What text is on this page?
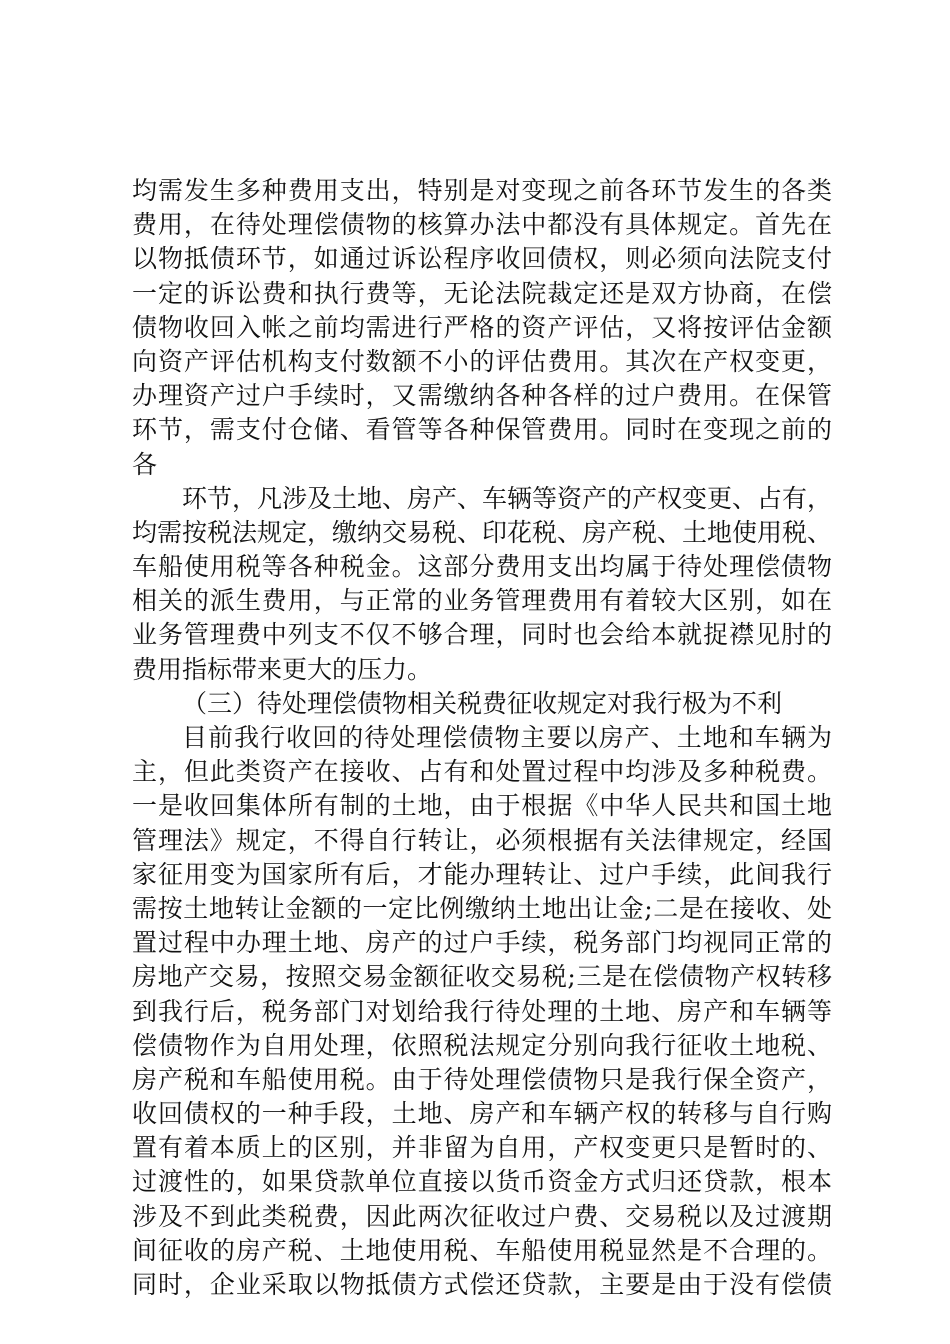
均需发生多种费用支出，特别是对变现之前各环节发生的各类
费用，在待处理偿债物的核算办法中都没有具体规定。首先在
以物抵债环节，如通过诉讼程序收回债权，则必须向法院支付
一定的诉讼费和执行费等，无论法院裁定还是双方协商，在偿
债物收回入帐之前均需进行严格的资产评估，又将按评估金额
向资产评估机构支付数额不小的评估费用。其次在产权变更，
办理资产过户手续时，又需缴纳各种各样的过户费用。在保管
环节，需支付仓储、看管等各种保管费用。同时在变现之前的
各
环节，凡涉及土地、房产、车辆等资产的产权变更、占有，
均需按税法规定，缴纳交易税、印花税、房产税、土地使用税、
车船使用税等各种税金。这部分费用支出均属于待处理偿债物
相关的派生费用，与正常的业务管理费用有着较大区别，如在
业务管理费中列支不仅不够合理，同时也会给本就捉襟见肘的
费用指标带来更大的压力。
（三）待处理偿债物相关税费征收规定对我行极为不利
目前我行收回的待处理偿债物主要以房产、土地和车辆为
主，但此类资产在接收、占有和处置过程中均涉及多种税费。
一是收回集体所有制的土地，由于根据《中华人民共和国土地
管理法》规定，不得自行转让，必须根据有关法律规定，经国
家征用变为国家所有后，才能办理转让、过户手续，此间我行
需按土地转让金额的一定比例缴纳土地出让金;二是在接收、处
置过程中办理土地、房产的过户手续，税务部门均视同正常的
房地产交易，按照交易金额征收交易税;三是在偿债物产权转移
到我行后，税务部门对划给我行待处理的土地、房产和车辆等
偿债物作为自用处理，依照税法规定分别向我行征收土地税、
房产税和车船使用税。由于待处理偿债物只是我行保全资产，
收回债权的一种手段，土地、房产和车辆产权的转移与自行购
置有着本质上的区别，并非留为自用，产权变更只是暂时的、
过渡性的，如果贷款单位直接以货币资金方式归还贷款，根本
涉及不到此类税费，因此两次征收过户费、交易税以及过渡期
间征收的房产税、土地使用税、车船使用税显然是不合理的。
同时，企业采取以物抵债方式偿还贷款，主要是由于没有偿债
